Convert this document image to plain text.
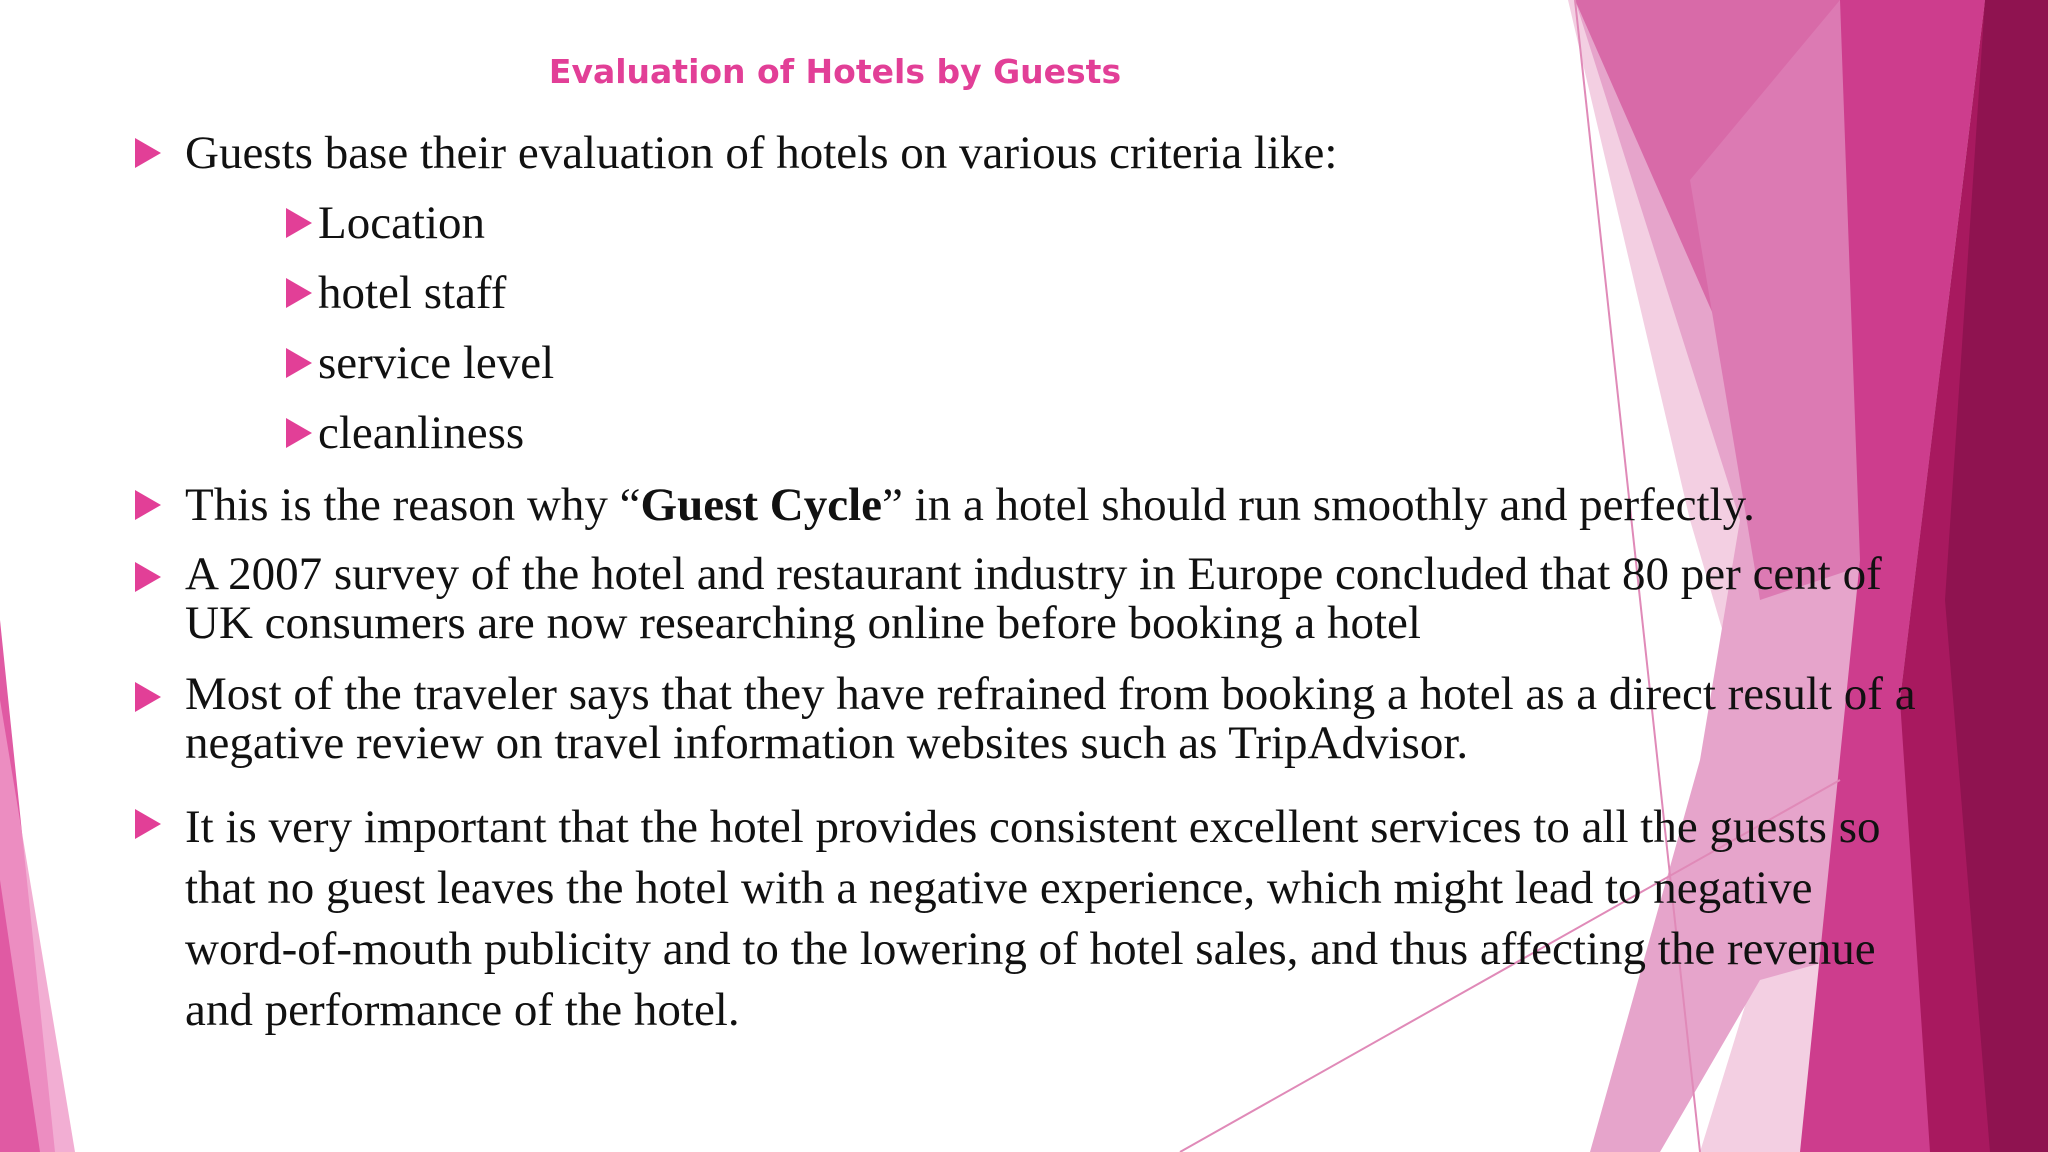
Evaluation of Hotels by Guests
Guests base their evaluation of hotels on various criteria like:
Location
hotel staff
service level
cleanliness
This is the reason why “Guest Cycle” in a hotel should run smoothly and perfectly.
A 2007 survey of the hotel and restaurant industry in Europe concluded that 80 per cent of UK consumers are now researching online before booking a hotel
Most of the traveler says that they have refrained from booking a hotel as a direct result of a negative review on travel information websites such as TripAdvisor.
It is very important that the hotel provides consistent excellent services to all the guests so that no guest leaves the hotel with a negative experience, which might lead to negative word-of-mouth publicity and to the lowering of hotel sales, and thus affecting the revenue and performance of the hotel.
